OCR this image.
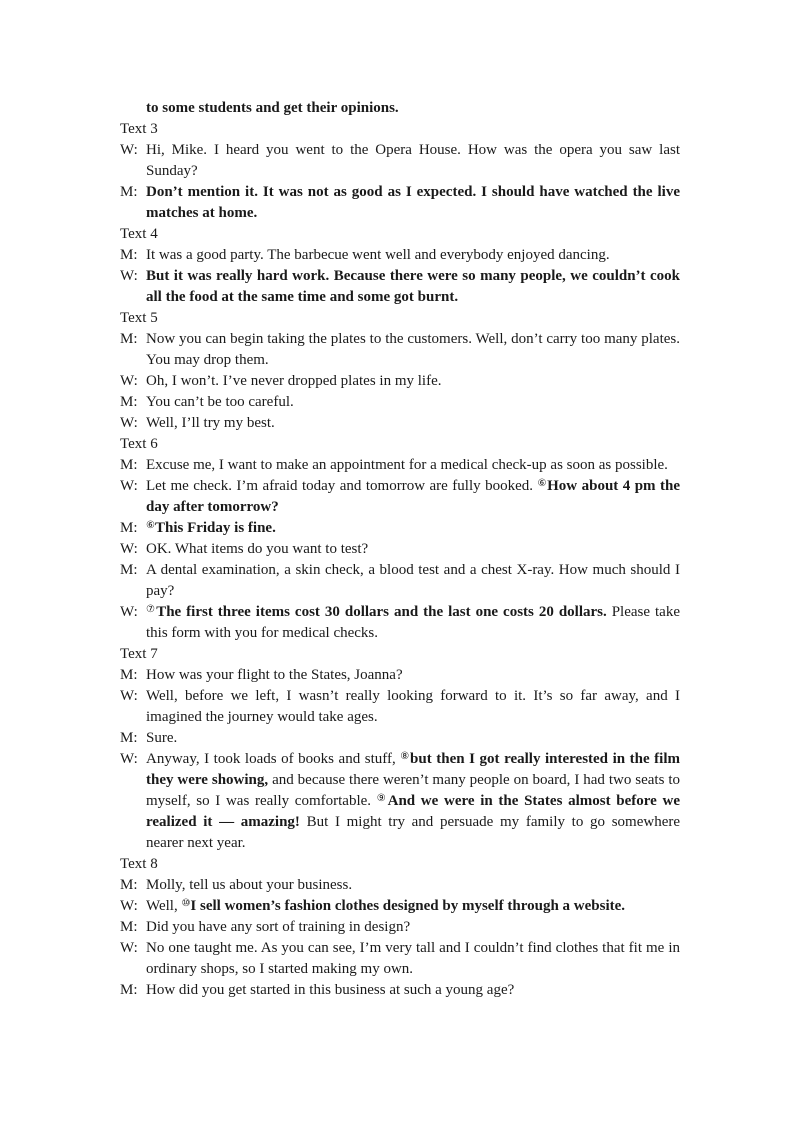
to some students and get their opinions.

Text 3

W: Hi, Mike. I heard you went to the Opera House. How was the opera you saw last Sunday?
M: Don’t mention it. It was not as good as I expected. I should have watched the live matches at home.

Text 4

M: It was a good party. The barbecue went well and everybody enjoyed dancing.
W: But it was really hard work. Because there were so many people, we couldn’t cook all the food at the same time and some got burnt.

Text 5

M: Now you can begin taking the plates to the customers. Well, don’t carry too many plates. You may drop them.
W: Oh, I won’t. I’ve never dropped plates in my life.
M: You can’t be too careful.
W: Well, I’ll try my best.

Text 6

M: Excuse me, I want to make an appointment for a medical check-up as soon as possible.
W: Let me check. I’m afraid today and tomorrow are fully booked. ⑥How about 4 pm the day after tomorrow?
M: ⑥This Friday is fine.
W: OK. What items do you want to test?
M: A dental examination, a skin check, a blood test and a chest X-ray. How much should I pay?
W: ⑦The first three items cost 30 dollars and the last one costs 20 dollars. Please take this form with you for medical checks.

Text 7

M: How was your flight to the States, Joanna?
W: Well, before we left, I wasn’t really looking forward to it. It’s so far away, and I imagined the journey would take ages.
M: Sure.
W: Anyway, I took loads of books and stuff, ⑧but then I got really interested in the film they were showing, and because there weren’t many people on board, I had two seats to myself, so I was really comfortable. ⑨And we were in the States almost before we realized it — amazing! But I might try and persuade my family to go somewhere nearer next year.

Text 8

M: Molly, tell us about your business.
W: Well, ⑩I sell women’s fashion clothes designed by myself through a website.
M: Did you have any sort of training in design?
W: No one taught me. As you can see, I’m very tall and I couldn’t find clothes that fit me in ordinary shops, so I started making my own.
M: How did you get started in this business at such a young age?
